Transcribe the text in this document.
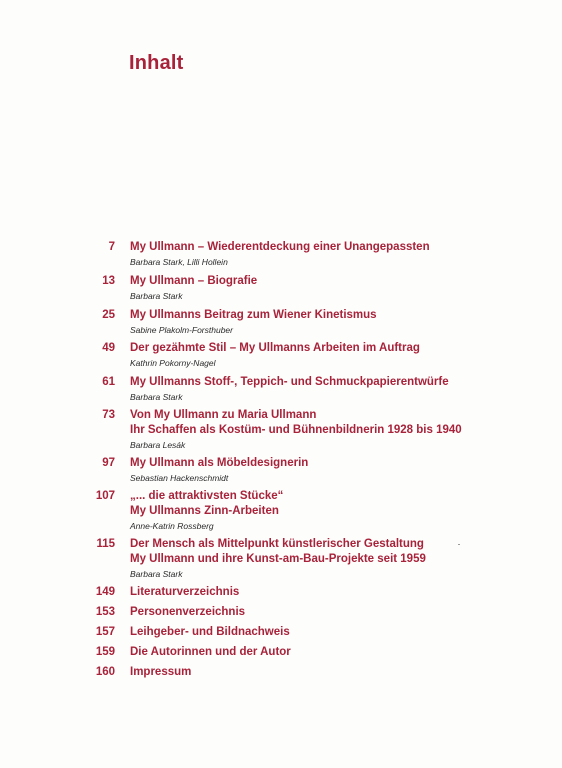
Inhalt
7 My Ullmann – Wiederentdeckung einer Unangepassten
Barbara Stark, Lilli Hollein
13 My Ullmann – Biografie
Barbara Stark
25 My Ullmanns Beitrag zum Wiener Kinetismus
Sabine Plakolm-Forsthuber
49 Der gezähmte Stil – My Ullmanns Arbeiten im Auftrag
Kathrin Pokorny-Nagel
61 My Ullmanns Stoff-, Teppich- und Schmuckpapierentwürfe
Barbara Stark
73 Von My Ullmann zu Maria Ullmann
Ihr Schaffen als Kostüm- und Bühnenbildnerin 1928 bis 1940
Barbara Lesák
97 My Ullmann als Möbeldesignerin
Sebastian Hackenschmidt
107 „... die attraktivsten Stücke“
My Ullmanns Zinn-Arbeiten
Anne-Katrin Rossberg
115 Der Mensch als Mittelpunkt künstlerischer Gestaltung
My Ullmann und ihre Kunst-am-Bau-Projekte seit 1959
Barbara Stark
149 Literaturverzeichnis
153 Personenverzeichnis
157 Leihgeber- und Bildnachweis
159 Die Autorinnen und der Autor
160 Impressum
